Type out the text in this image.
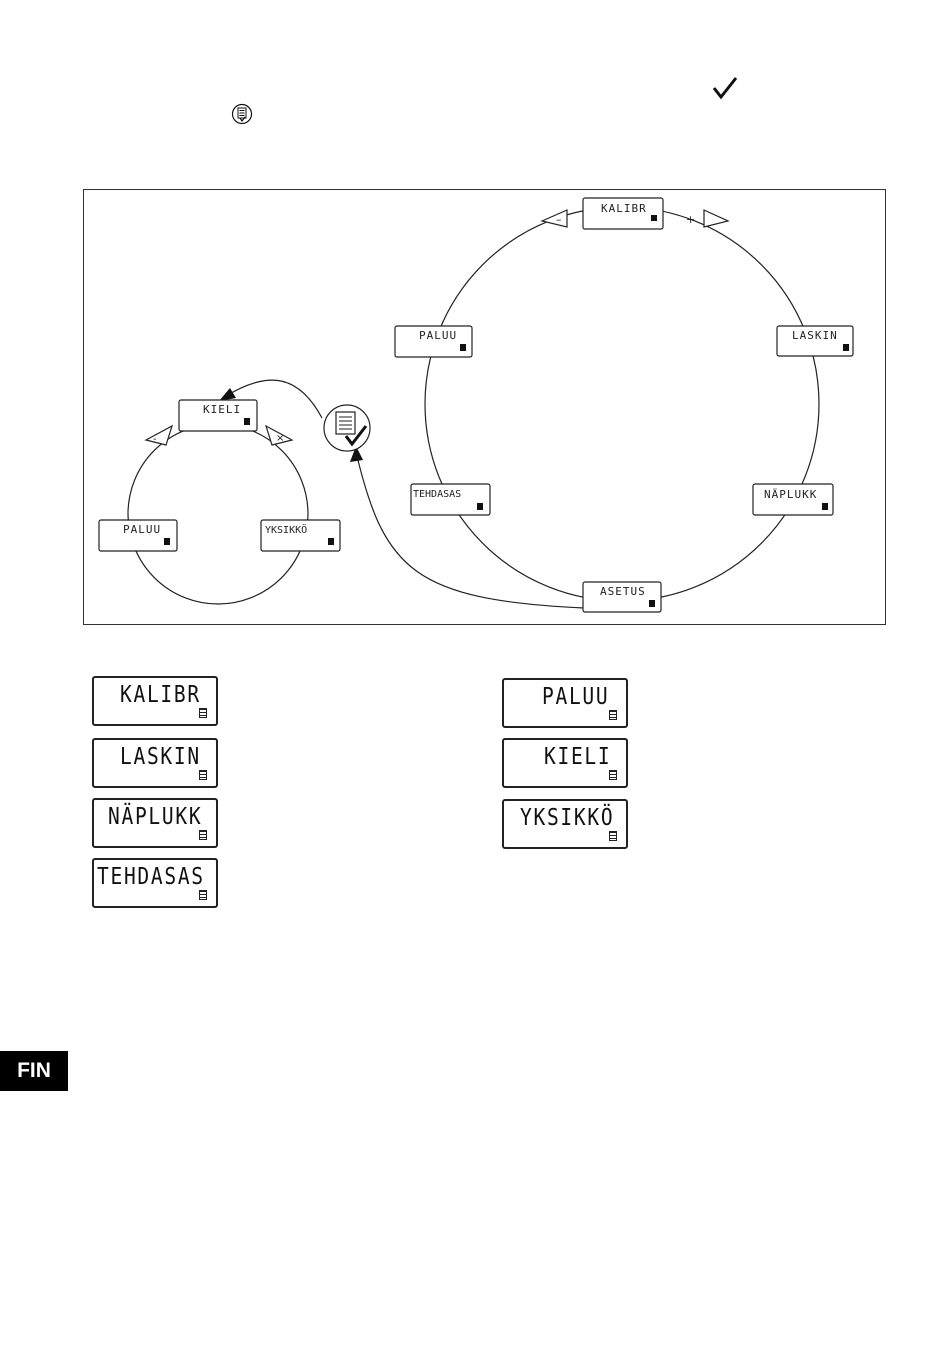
–	+
-	×
KALIBR
LASKIN
NÄPLUKK
ASETUS
TEHDASAS
PALUU
KIELI
PALUU	YKSIKKÖ
KALIBR
LASKIN
NÄPLUKK
TEHDASAS
PALUU
KIELI
YKSIKKÖ
FIN
